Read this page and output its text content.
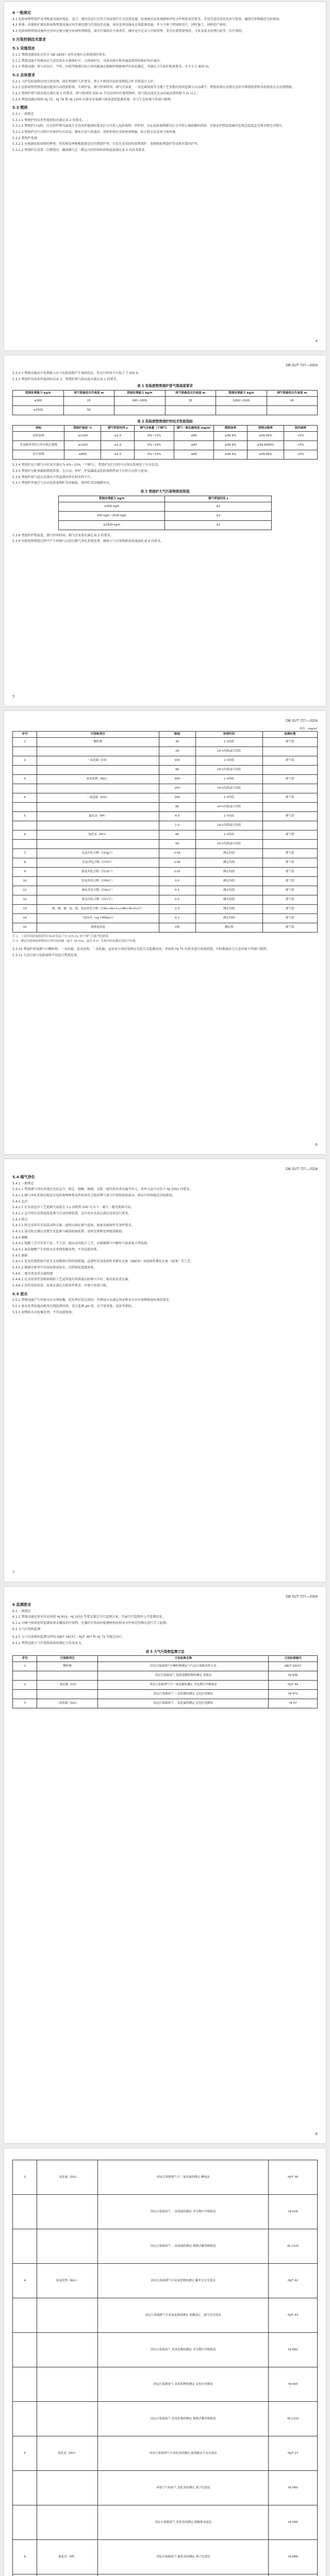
4 一般规定

4.1 危险废物焚烧炉及其配套设施的选址、设计、建设及运行应符合国家现行有关法律法规、标准规范及环境影响评价文件和批复的要求，采用先进适用的技术与装备，确保污染物稳定达标排放。

4.2 新建、改建和扩建危险废物焚烧设施应同步建设烟气污染防治设施、废水处理设施及在线监测设施，并与主体工程同时设计、同时施工、同时投产使用。

4.3 危险废物焚烧设施所在单位应建立健全环境管理制度，落实污染防治主体责任，做好运行记录与台账管理，妥善处置焚烧残渣、飞灰及废水处理污泥等二次污染物。

5 污染控制技术要求
5.1 设施选址

5.1.1 焚烧设施选址应符合 GB 18597 及所在地区总体规划的要求。

5.1.2 焚烧设施不得建设在生活饮用水水源保护区、自然保护区、风景名胜区和其他需要特别保护的区域内。

5.1.3 焚烧设施厂界与居民区、学校、医院等敏感目标之间的距离应根据环境影响评价结论确定，并满足卫生防护距离要求，且不小于 800 m。

5.2 总体要求

5.2.1 入炉危险废物应经过预处理，满足焚烧炉入炉要求；禁止不相容的危险废物混合贮存和混合入炉。

5.2.2 危险废物焚烧设施应配备自动控制系统，实现炉温、烟气停留时间、烟气含氧量、一氧化碳浓度等关键工艺参数的连续监测与自动调节；焚烧系统应设置应急停车联锁装置和事故排放应急处理措施。

5.2.3 焚烧炉排气筒高度应满足表 1 的要求；排气筒周围 200 m 半径范围内有建筑物时，排气筒高度还应高出最高建筑物 5 m 以上。

5.2.4 焚烧设施应按照 HJ 75、HJ 76 和 HJ 1205 的要求安装烟气排放连续监测系统，并与生态环境主管部门联网。

5.3 燃烧

5.3.1 一般规定

5.3.1.1 焚烧炉的技术性能指标应满足表 2 的要求。

5.3.1.2 焚烧炉启动时，应先将炉膛内温度升至技术性能指标要求后方可投入危险废物；停炉时，应在危险废物燃尽后方可停止辅助燃料供给，并保证炉膛温度维持在规定温度直至残余物完全燃尽。

5.3.1.3 焚烧炉运行过程中应保持负压状态，避免有害气体逸出；进料系统应采取密闭措施，防止粉尘及恶臭气体外逸。

5.3.2 焚烧炉选择

5.3.2.1 应根据危险废物的种类、性质和处理规模选择适宜的焚烧炉型，宜优先采用回转窑焚烧炉、液体喷射焚烧炉等成熟可靠的炉型。

5.3.2.2 焚烧炉应设置二次燃烧室，确保烟气在二燃室内的停留时间和温度满足表 2 的技术要求。

4
DB 31/T 727—2024

5.3.2.3 焚烧设施设计处理能力应与危险废物产生量相适应，年运行时间不宜低于 7 200 h。

5.3.3 焚烧炉的技术性能指标见表 2，焚烧炉排气筒高度应满足表 1 的要求。

表 1 危险废物焚烧炉排气筒高度要求
焚烧处理能力 kg/h	排气筒最低允许高度 m	焚烧处理能力 kg/h	排气筒最低允许高度 m	焚烧处理能力 kg/h	排气筒最低允许高度 m
≤300	25	300~2000	35	2000~2500	45
≥2500	50				
表 2 危险废物焚烧炉的技术性能指标
指标	焚烧炉温度 ℃	烟气停留时间 s	烟气含氧量（干烟气）	烟气一氧化碳浓度 mg/m³	燃烧效率	焚毁去除率	热灼减率
危险废物	≥1100	≥2.0	6%~15%	≤80	≥99.9%	≥99.99%	<5%
多氯联苯等持久性有机污染物	≥1200	≥2.0	6%~15%	≤80	≥99.9%	≥99.9999%	<5%
医疗废物	≥850	≥2.0	6%~15%	≤80	≥99.9%	≥99.99%	<5%

5.3.4 焚烧炉出口烟气中的氧含量应为 6%~15%（干烟气），焚烧炉运行过程中应保证系统处于负压状态。

5.3.5 焚烧炉应配备辅助燃烧系统，在启动、停炉、炉温偏低或危险废物热值不足时自动投入使用。

5.3.6 焚烧炉排气筒应设置永久性监测采样孔和采样平台。

5.3.7 焚烧炉所需空气应从危险废物贮存间抽取，保持贮存设施微负压。

表 3 焚烧炉大气污染物排放限值
焚烧处理能力 kg/h	烟气停留时间 s
≤300 kg/h	≥2
300 kg/h~2500 kg/h	≥2
≥2500 kg/h	≥2

5.3.8 焚烧炉炉膛温度、烟气停留时间、烟气含氧量应满足表 2 的要求。

5.3.9 危险废物焚烧过程中产生的烟气应经过烟气净化系统处理，确保大气污染物排放浓度满足表 4 的要求。

5
DB 31/T 727—2024
单位：mg/m³
序号	污染物项目	限值	取值时间	监测位置
1	颗粒物	30	1 h均值	排气筒
		20	24 h均值或日均值	
2	一氧化碳（CO）	100	1 h均值	排气筒
		80	24 h均值或日均值	
3	氮氧化物（NOₓ）	300	1 h均值	排气筒
		250	24 h均值或日均值	
4	二氧化硫（SO₂）	100	1 h均值	排气筒
		80	24 h均值或日均值	
5	氟化氢（HF）	4.0	1 h均值	排气筒
		2.0	24 h均值或日均值	
6	氯化氢（HCl）	60	1 h均值	排气筒
		50	24 h均值或日均值	
7	汞及其化合物（以Hg计）	0.05	测定均值	排气筒
8	铊及其化合物（以Tl计）	0.05	测定均值	排气筒
9	镉及其化合物（以Cd计）	0.05	测定均值	排气筒
10	铅及其化合物（以Pb计）	0.5	测定均值	排气筒
11	砷及其化合物（以As计）	0.5	测定均值	排气筒
12	铬及其化合物（以Cr计）	0.5	测定均值	排气筒
13	锡、锑、铜、锰、镍、钴及其化合物（以Sn+Sb+Cu+Mn+Ni+Co计）	2.0	测定均值	排气筒
14	二噁英类（ng I-TEQ/m³）	0.1	测定均值	排气筒
15	林格曼黑度	1级	测定值	排气筒

注 1：上表所列浓度限值均以标准状态下含 11% O₂ 的干烟气为参考值换算。

注 2：测定均值指取样期间以等时间间隔（最少 30 min，最多 8 h）采集的样品测定值的平均值。

5.3.10 焚烧炉排放烟气中颗粒物、一氧化碳、氮氧化物、二氧化硫、氯化氢五项污染物应安装自动监测设备，并按照 HJ 75 的要求进行质量控制，实时数据应与生态环境主管部门联网。

5.3.11 生活垃圾与危险废物不得混合焚烧处置。

6
DB 31/T 727—2024
5.4 烟气净化

5.4.1 一般规定

5.4.1.1 焚烧烟气净化系统应包括急冷、除尘、脱酸、脱硝、去除二噁英类及重金属等单元，各单元设计应符合 HJ 2051 的要求。

5.4.1.2 烟气净化系统应能适应危险废物种类及热值变化引起的烟气量与污染物浓度波动，保证污染物稳定达标排放。

5.4.2 急冷

5.4.2.1 应采用急冷工艺使烟气温度在 1 s 内降到 200 ℃以下，减少二噁英类再合成。

5.4.2.2 急冷塔应设置温度监测与自动控制装置，急冷用水水质应满足设备运行要求。

5.4.3 除尘

5.4.3.1 除尘设备宜采用袋式除尘器，滤料应满足烟气温度、湿度及腐蚀性等条件要求。

5.4.3.2 袋式除尘器应设置压差监测与破袋检漏装置，及时发现和处理滤袋破损。

5.4.4 脱酸

5.4.4.1 脱酸工艺可采用干法、半干法、湿法或其组合工艺，应根据烟气中酸性气体浓度合理选择。

5.4.4.2 湿法脱酸产生的废水应单独收集处理，不得直接外排。

5.4.5 脱硝

5.4.5.1 氮氧化物控制宜优先采用燃烧过程控制措施，必要时采用选择性非催化还原（SNCR）或选择性催化还原（SCR）等工艺。

5.4.5.2 脱硝还原剂宜采用尿素或氨水，应控制氨逃逸浓度。

5.4.6 二噁英类及重金属控制

5.4.6.1 应采用活性炭喷射吸附工艺或其他有效措施去除烟气中的二噁英类及重金属。

5.4.6.2 活性炭的质量、用量应满足去除效率要求，并建立用量台账。

5.5 废水

5.5.1 焚烧设施产生的废水应分类收集，经处理后优先回用；外排废水应满足国家和本市水污染物排放标准的要求。

5.5.2 废水处理设施应配备在线监测设备，重点监测 pH 值、化学需氧量、氨氮等指标。

5.5.3 初期雨水应收集处理，不得直接排放。

7
DB 31/T 727—2024
6 监测要求

6.1 一般规定

6.1.1 焚烧设施运营单位应按照 HJ 819、HJ 1033 等要求制定自行监测方案，开展自行监测并公开监测信息。

6.1.2 对烟气排放连续监测系统未覆盖的污染物，应委托有资质的检测机构按照本文件规定的频次进行手工监测。

6.2 大气污染物监测

6.2.1 大气污染物的监测采样按 GB/T 16157、HJ/T 397 和 HJ 75 等规定执行。

6.2.2 焚烧设施大气污染物浓度的测定方法见表 5。

表 5 大气污染物监测方法
序号	污染物项目	方法标准名称	方法标准编号
1	颗粒物	固定污染源排气中颗粒物测定与气态污染物采样方法	GB/T 16157
		固定污染源废气 低浓度颗粒物的测定 重量法	HJ 836
2	一氧化碳（CO）	固定污染源排气中一氧化碳的测定 非色散红外吸收法	HJ/T 44
		固定污染源废气 一氧化碳的测定 定电位电解法	HJ 973
3	二氧化硫（SO₂）	固定污染源废气 二氧化硫的测定 定电位电解法	HJ 57
8
3	二氧化硫（SO₂）	固定污染源排气中二氧化硫的测定 碘量法	HJ/T 56
		固定污染源废气 二氧化硫的测定 非分散红外吸收法	HJ 629
		固定污染源废气 二氧化硫的测定 便携式紫外吸收法	HJ 1131
4	氮氧化物（NOₓ）	固定污染源排气中氮氧化物的测定 紫外分光光度法	HJ/T 42
		固定污染源排气中氮氧化物的测定 盐酸萘乙二胺分光光度法	HJ/T 43
		固定污染源废气 氮氧化物的测定 非分散红外吸收法	HJ 692
		固定污染源废气 氮氧化物的测定 定电位电解法	HJ 693
		固定污染源废气 氮氧化物的测定 便携式紫外吸收法	HJ 1132
5	氯化氢（HCl）	固定污染源排气中氯化氢的测定 硫氰酸汞分光光度法	HJ/T 27
		环境空气和废气 氯化氢的测定 离子色谱法	HJ 549
		固定污染源废气 氯化氢的测定 硝酸银容量法	HJ 548
6	氟化氢（HF）	固定污染源废气 氟化氢的测定 离子色谱法	HJ 688
